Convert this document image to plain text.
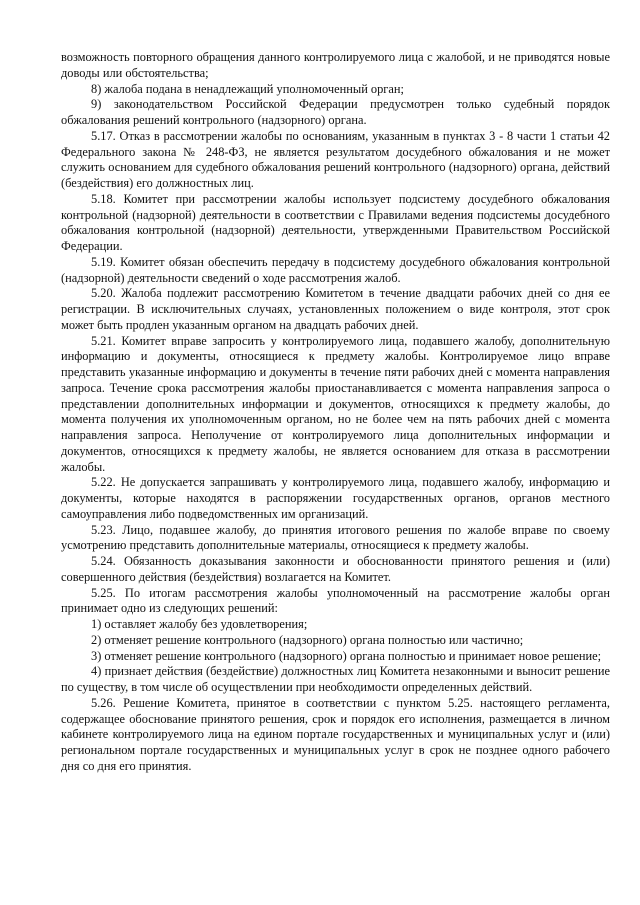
возможность повторного обращения данного контролируемого лица с жалобой, и не приводятся новые доводы или обстоятельства;

8) жалоба подана в ненадлежащий уполномоченный орган;

9) законодательством Российской Федерации предусмотрен только судебный порядок обжалования решений контрольного (надзорного) органа.

5.17. Отказ в рассмотрении жалобы по основаниям, указанным в пунктах 3 - 8 части 1 статьи 42 Федерального закона № 248-ФЗ, не является результатом досудебного обжалования и не может служить основанием для судебного обжалования решений контрольного (надзорного) органа, действий (бездействия) его должностных лиц.

5.18. Комитет при рассмотрении жалобы использует подсистему досудебного обжалования контрольной (надзорной) деятельности в соответствии с Правилами ведения подсистемы досудебного обжалования контрольной (надзорной) деятельности, утвержденными Правительством Российской Федерации.

5.19. Комитет обязан обеспечить передачу в подсистему досудебного обжалования контрольной (надзорной) деятельности сведений о ходе рассмотрения жалоб.

5.20. Жалоба подлежит рассмотрению Комитетом в течение двадцати рабочих дней со дня ее регистрации. В исключительных случаях, установленных положением о виде контроля, этот срок может быть продлен указанным органом на двадцать рабочих дней.

5.21. Комитет вправе запросить у контролируемого лица, подавшего жалобу, дополнительную информацию и документы, относящиеся к предмету жалобы. Контролируемое лицо вправе представить указанные информацию и документы в течение пяти рабочих дней с момента направления запроса. Течение срока рассмотрения жалобы приостанавливается с момента направления запроса о представлении дополнительных информации и документов, относящихся к предмету жалобы, до момента получения их уполномоченным органом, но не более чем на пять рабочих дней с момента направления запроса. Неполучение от контролируемого лица дополнительных информации и документов, относящихся к предмету жалобы, не является основанием для отказа в рассмотрении жалобы.

5.22. Не допускается запрашивать у контролируемого лица, подавшего жалобу, информацию и документы, которые находятся в распоряжении государственных органов, органов местного самоуправления либо подведомственных им организаций.

5.23. Лицо, подавшее жалобу, до принятия итогового решения по жалобе вправе по своему усмотрению представить дополнительные материалы, относящиеся к предмету жалобы.

5.24. Обязанность доказывания законности и обоснованности принятого решения и (или) совершенного действия (бездействия) возлагается на Комитет.

5.25. По итогам рассмотрения жалобы уполномоченный на рассмотрение жалобы орган принимает одно из следующих решений:

1) оставляет жалобу без удовлетворения;

2) отменяет решение контрольного (надзорного) органа полностью или частично;

3) отменяет решение контрольного (надзорного) органа полностью и принимает новое решение;

4) признает действия (бездействие) должностных лиц Комитета незаконными и выносит решение по существу, в том числе об осуществлении при необходимости определенных действий.

5.26. Решение Комитета, принятое в соответствии с пунктом 5.25. настоящего регламента, содержащее обоснование принятого решения, срок и порядок его исполнения, размещается в личном кабинете контролируемого лица на едином портале государственных и муниципальных услуг и (или) региональном портале государственных и муниципальных услуг в срок не позднее одного рабочего дня со дня его принятия.
